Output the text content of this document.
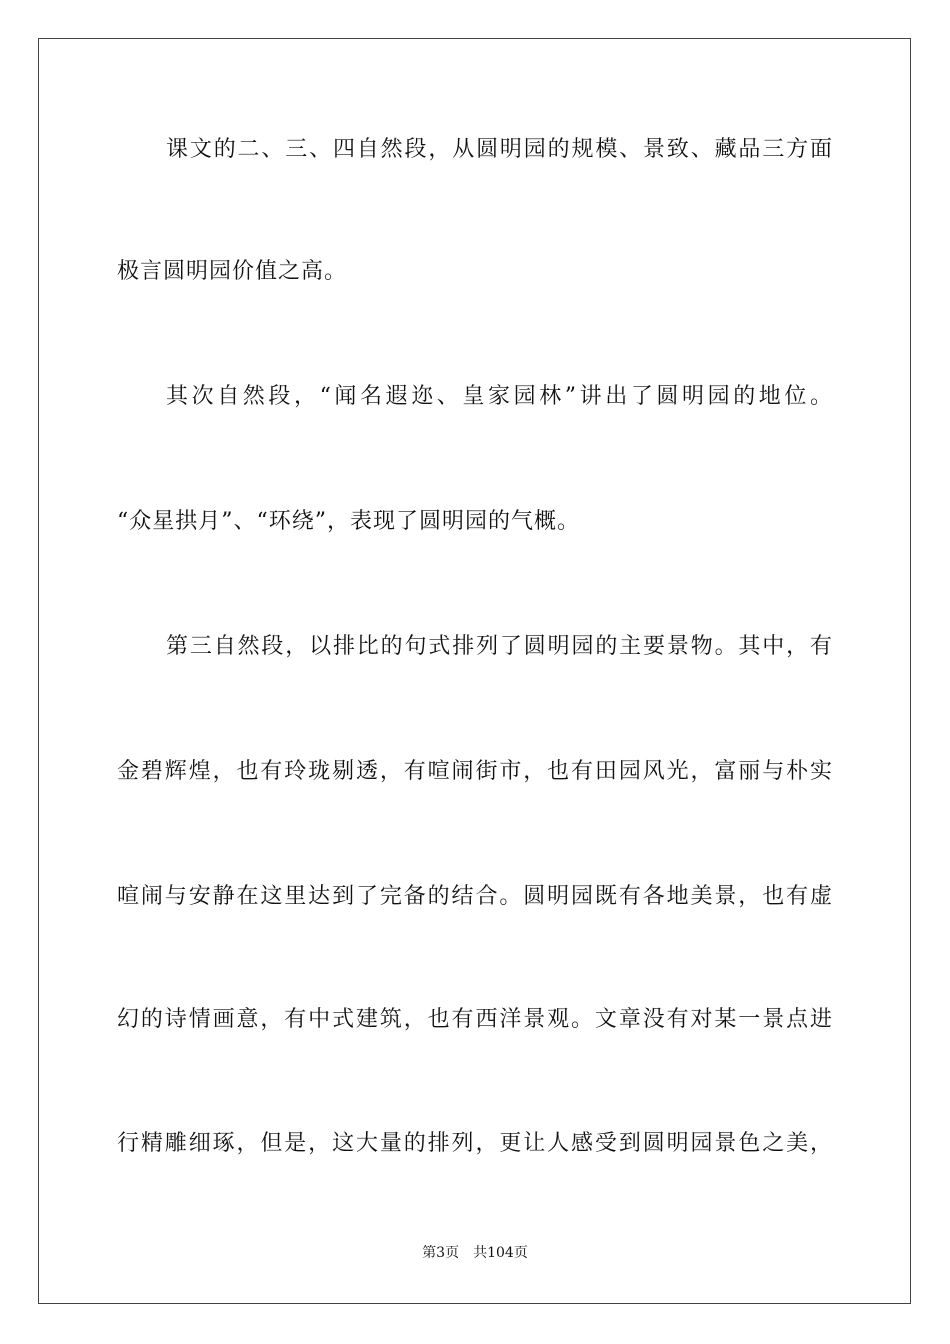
课文的二、三、四自然段，从圆明园的规模、景致、藏品三方面
极言圆明园价值之高。
其次自然段，“闻名遐迩、皇家园林”讲出了圆明园的地位。
“众星拱月”、“环绕”，表现了圆明园的气概。
第三自然段，以排比的句式排列了圆明园的主要景物。其中，有
金碧辉煌，也有玲珑剔透，有喧闹街市，也有田园风光，富丽与朴实
喧闹与安静在这里达到了完备的结合。圆明园既有各地美景，也有虚
幻的诗情画意，有中式建筑，也有西洋景观。文章没有对某一景点进
行精雕细琢，但是，这大量的排列，更让人感受到圆明园景色之美，
第3页 共104页
